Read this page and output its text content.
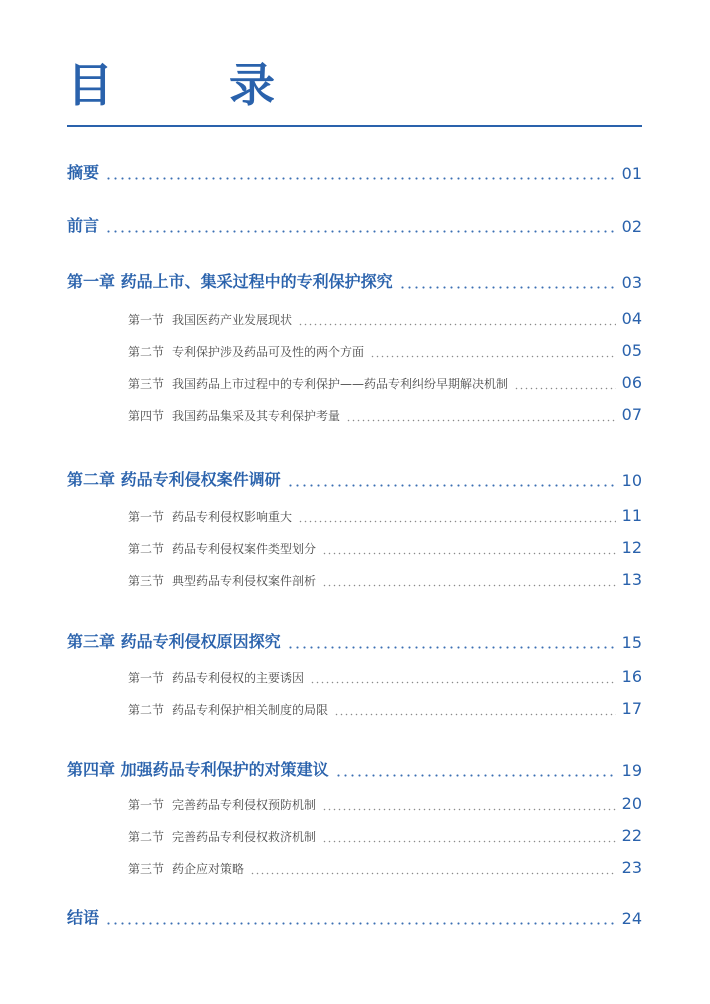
目 录
摘要	01
前言	02
第一章 药品上市、集采过程中的专利保护探究	03
第一节 我国医药产业发展现状	04
第二节 专利保护涉及药品可及性的两个方面	05
第三节 我国药品上市过程中的专利保护——药品专利纠纷早期解决机制	06
第四节 我国药品集采及其专利保护考量	07
第二章 药品专利侵权案件调研	10
第一节 药品专利侵权影响重大	11
第二节 药品专利侵权案件类型划分	12
第三节 典型药品专利侵权案件剖析	13
第三章 药品专利侵权原因探究	15
第一节 药品专利侵权的主要诱因	16
第二节 药品专利保护相关制度的局限	17
第四章 加强药品专利保护的对策建议	19
第一节 完善药品专利侵权预防机制	20
第二节 完善药品专利侵权救济机制	22
第三节 药企应对策略	23
结语	24
